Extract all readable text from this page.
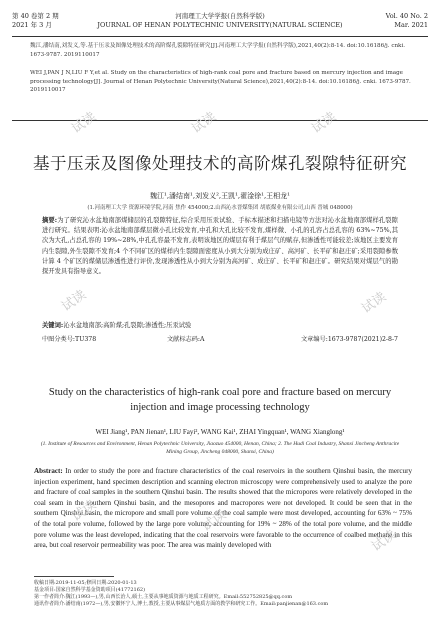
第 40 卷第 2 期
2021 年 3 月
河南理工大学学报(自然科学版)
JOURNAL OF HENAN POLYTECHNIC UNIVERSITY(NATURAL SCIENCE)
Vol. 40 No. 2
Mar. 2021
魏江,潘结南,刘发义,等.基于压汞及图像处理技术的高阶煤孔裂隙特征研究[J].河南理工大学学报(自然科学版),2021,40(2):8-14. doi:10.16186/j. cnki. 1673-9787. 2019110017
WEI J,PAN J N,LIU F Y,et al. Study on the characteristics of high-rank coal pore and fracture based on mercury injection and image processing technology[J]. Journal of Henan Polytechnic University(Natural Science),2021,40(2):8-14. doi:10.16186/j. cnki. 1673-9787. 2019110017
基于压汞及图像处理技术的高阶煤孔裂隙特征研究
魏江¹,潘结南¹,刘发义²,王凯¹,翟淦徐¹,王相龙¹
(1.河南理工大学 资源环境学院,河南 焦作 454000;2.山西沁水晋煤集团 胡底煤业有限公司,山西 晋城 048000)
摘要:为了研究沁水盆地南部煤储层的孔裂隙特征,综合采用压汞试验、手标本描述和扫描电镜等方法对沁水盆地南部煤样孔裂隙进行研究。结果表明:沁水盆地南部煤层微小孔比较发育,中孔和大孔比较不发育,煤样微、小孔的孔容占总孔容的 63%~75%,其次为大孔,占总孔容的 19%~28%,中孔孔容最不发育,表明该地区的煤层有利于煤层气的赋存,但渗透性可能较差;该地区主要发育内生裂隙,外生裂隙不发育;4 个不同矿区的煤样内生裂隙面密度从小到大分别为成庄矿、高河矿、长平矿和赵庄矿;采用裂隙参数计算 4 个矿区的煤储层渗透性进行评价,发现渗透性从小到大分别为高河矿、成庄矿、长平矿和赵庄矿。研究结果对煤层气的勘探开发具有指导意义。
关键词:沁水盆地南部;高阶煤;孔裂隙;渗透性;压汞试验
中图分类号:TU378	文献标志码:A	文章编号:1673-9787(2021)2-8-7
Study on the characteristics of high-rank coal pore and fracture based on mercury injection and image processing technology
WEI Jiang¹, PAN Jienan¹, LIU Fayi², WANG Kai¹, ZHAI Yingquan¹, WANG Xianglong¹
(1. Institute of Resources and Environment, Henan Polytechnic University, Jiaozuo 454000, Henan, China; 2. The Hudi Coal Industry, Shanxi Jincheng Anthracite Mining Group, Jincheng 048000, Shanxi, China)
Abstract: In order to study the pore and fracture characteristics of the coal reservoirs in the southern Qinshui basin, the mercury injection experiment, hand specimen description and scanning electron microscopy were comprehensively used to analyze the pore and fracture of coal samples in the southern Qinshui basin. The results showed that the micropores were relatively developed in the coal seam in the southern Qinshui basin, and the mesopores and macropores were not developed. It could be seen that in the southern Qinshui basin, the micropore and small pore volume of the coal sample were most developed, accounting for 63% ~ 75% of the total pore volume, followed by the large pore volume, accounting for 19% ~ 28% of the total pore volume, and the middle pore volume was the least developed, indicating that the coal reservoirs were favorable to the occurrence of coalbed methane in this area, but coal reservoir permeability was poor. The area was mainly developed with
收稿日期:2019-11-05;修回日期:2020-01-13
基金项目:国家自然科学基金资助项目(41772162)
第一作者简介:魏江(1993—),男,山西长治人,硕士,主要从事地质资源与地质工程研究。Email:552752825@qq.com
通讯作者简介:潘结南(1972—),男,安徽怀宁人,博士,教授,主要从事煤层气地质方面的教学和研究工作。Email:panjienan@163.com
试读	试读	试读
试读	试读
试读	试读
试读
